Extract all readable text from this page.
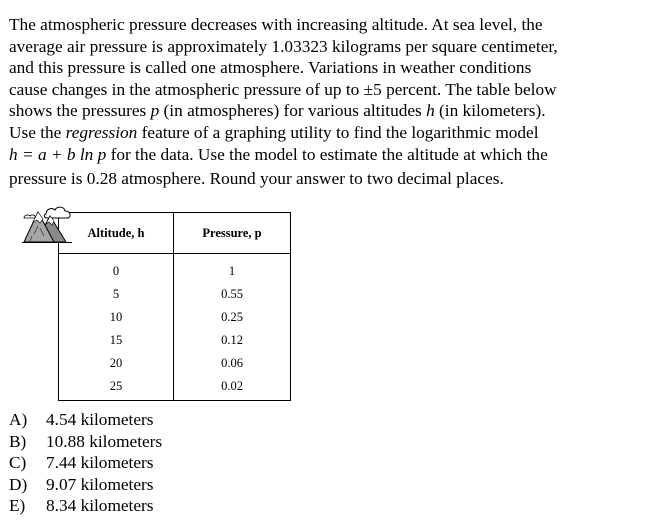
The atmospheric pressure decreases with increasing altitude. At sea level, the
average air pressure is approximately 1.03323 kilograms per square centimeter,
and this pressure is called one atmosphere. Variations in weather conditions
cause changes in the atmospheric pressure of up to ±5 percent. The table below
shows the pressures p (in atmospheres) for various altitudes h (in kilometers).
Use the regression feature of a graphing utility to find the logarithmic model
h = a + b ln p for the data. Use the model to estimate the altitude at which the
pressure is 0.28 atmosphere. Round your answer to two decimal places.
Altitude, h	Pressure, p
0	1
5	0.55
10	0.25
15	0.12
20	0.06
25	0.02
A) 4.54 kilometers
B) 10.88 kilometers
C) 7.44 kilometers
D) 9.07 kilometers
E) 8.34 kilometers
